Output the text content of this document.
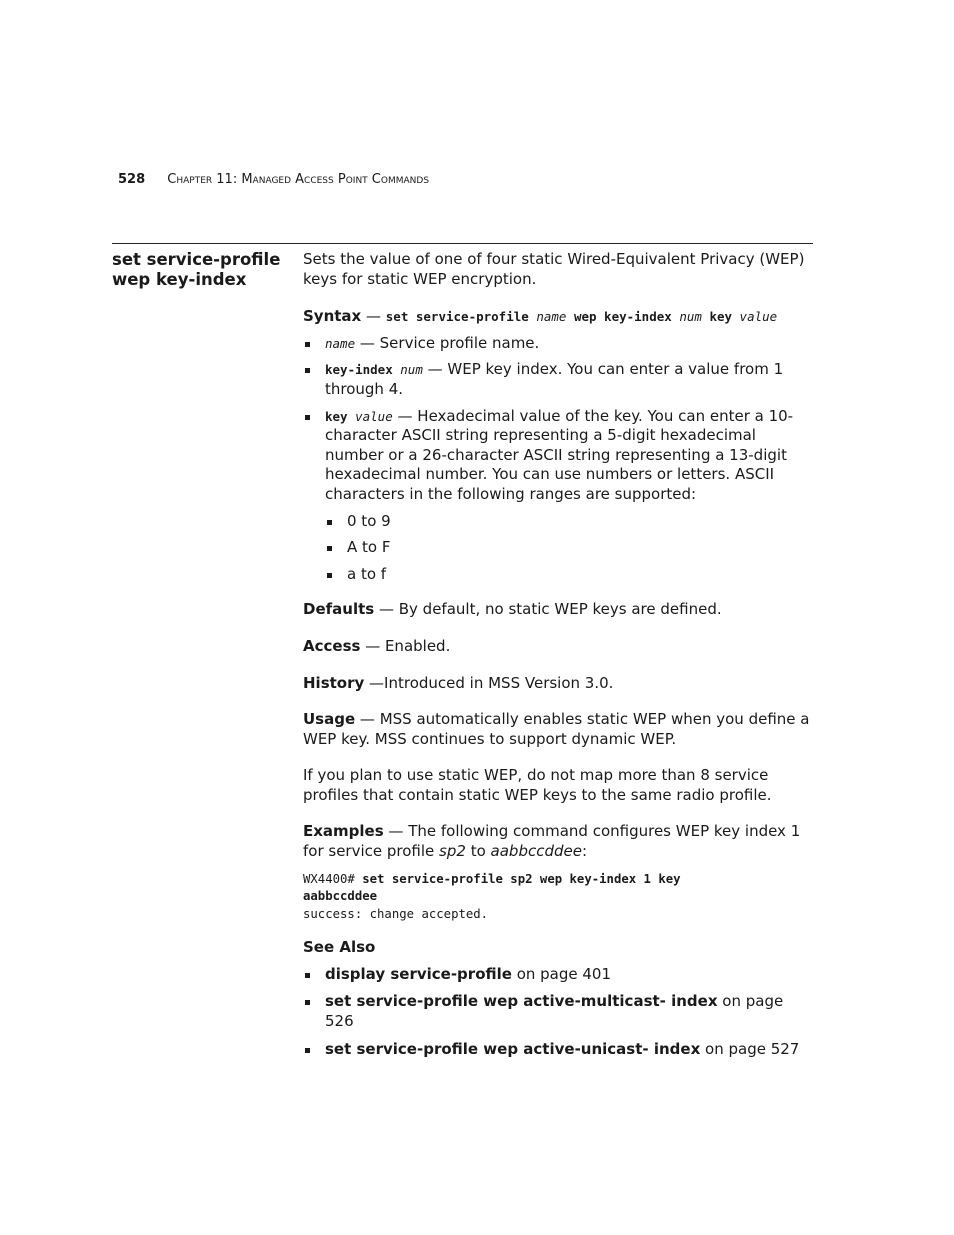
528 Chapter 11: Managed Access Point Commands
set service-profile
wep key-index

Sets the value of one of four static Wired-Equivalent Privacy (WEP) keys for static WEP encryption.

Syntax — set service-profile name wep key-index num key value

name — Service profile name.
key-index num — WEP key index. You can enter a value from 1 through 4.
key value — Hexadecimal value of the key. You can enter a 10-character ASCII string representing a 5-digit hexadecimal number or a 26-character ASCII string representing a 13-digit hexadecimal number. You can use numbers or letters. ASCII characters in the following ranges are supported:
0 to 9
A to F
a to f

Defaults — By default, no static WEP keys are defined.

Access — Enabled.

History —Introduced in MSS Version 3.0.

Usage — MSS automatically enables static WEP when you define a WEP key. MSS continues to support dynamic WEP.

If you plan to use static WEP, do not map more than 8 service profiles that contain static WEP keys to the same radio profile.

Examples — The following command configures WEP key index 1 for service profile sp2 to aabbccddee:

WX4400# set service-profile sp2 wep key-index 1 key
aabbccddee
success: change accepted.

See Also

display service-profile on page 401
set service-profile wep active-multicast- index on page 526
set service-profile wep active-unicast- index on page 527
